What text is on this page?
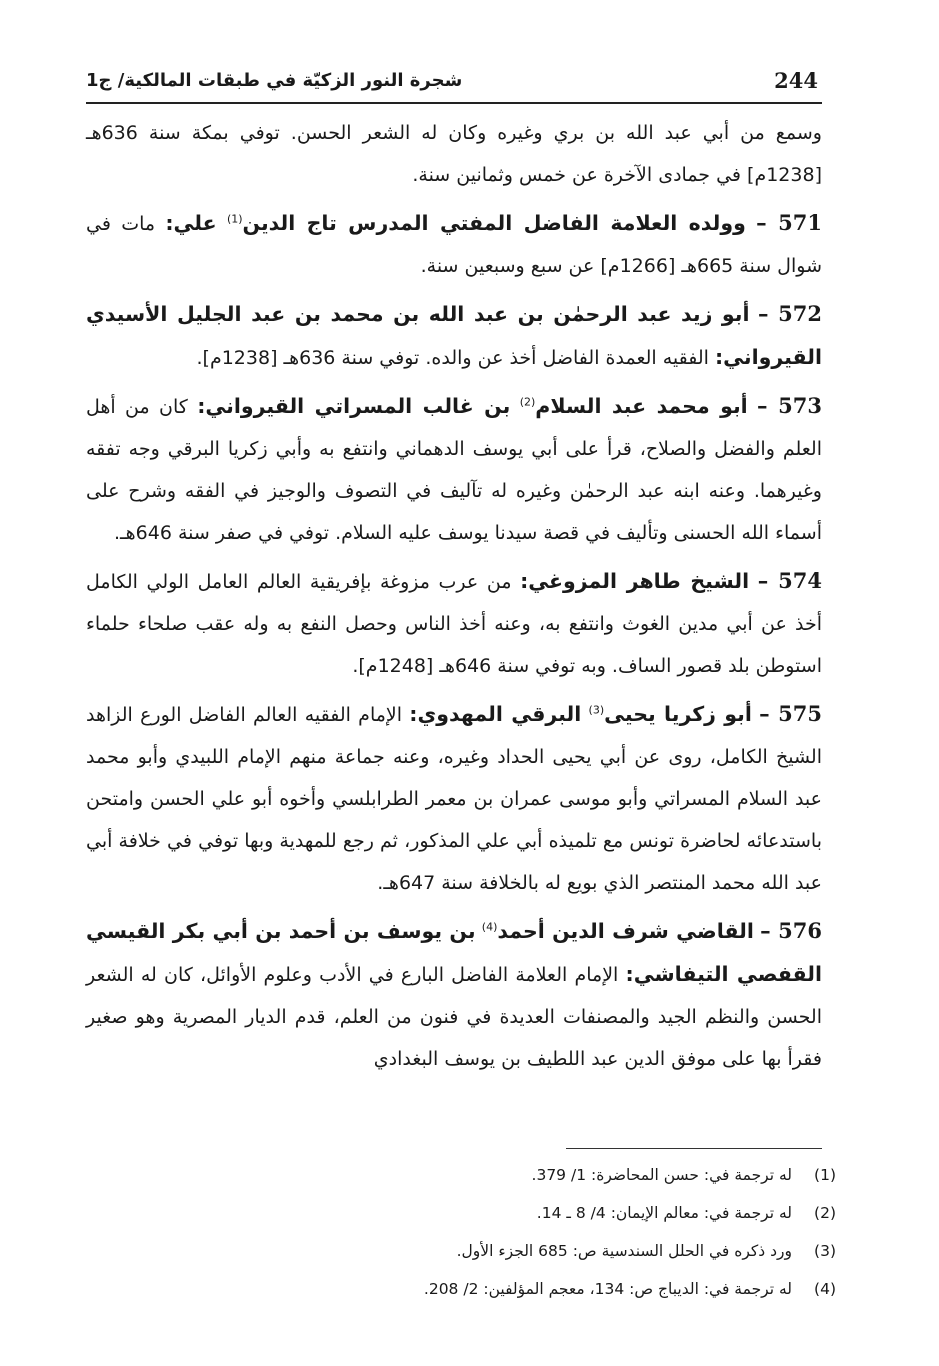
244
شجرة النور الزكيّة في طبقات المالكية/ ج1

وسمع من أبي عبد الله بن بري وغيره وكان له الشعر الحسن. توفي بمكة سنة 636هـ [1238م] في جمادى الآخرة عن خمس وثمانين سنة.

571 – وولده العلامة الفاضل المفتي المدرس تاج الدين$^{(1)}$ علي: مات في شوال سنة 665هـ [1266م] عن سبع وسبعين سنة.

572 – أبو زيد عبد الرحمٰن بن عبد الله بن محمد بن عبد الجليل الأسيدي القيرواني: الفقيه العمدة الفاضل أخذ عن والده. توفي سنة 636هـ [1238م].

573 – أبو محمد عبد السلام$^{(2)}$ بن غالب المسراتي القيرواني: كان من أهل العلم والفضل والصلاح، قرأ على أبي يوسف الدهماني وانتفع به وأبي زكريا البرقي وجه تفقه وغيرهما. وعنه ابنه عبد الرحمٰن وغيره له تآليف في التصوف والوجيز في الفقه وشرح على أسماء الله الحسنى وتأليف في قصة سيدنا يوسف عليه السلام. توفي في صفر سنة 646هـ.

574 – الشيخ طاهر المزوغي: من عرب مزوغة بإفريقية العالم العامل الولي الكامل أخذ عن أبي مدين الغوث وانتفع به، وعنه أخذ الناس وحصل النفع به وله عقب صلحاء حلماء استوطن بلد قصور الساف. وبه توفي سنة 646هـ [1248م].

575 – أبو زكريا يحيى$^{(3)}$ البرقي المهدوي: الإمام الفقيه العالم الفاضل الورع الزاهد الشيخ الكامل، روى عن أبي يحيى الحداد وغيره، وعنه جماعة منهم الإمام اللبيدي وأبو محمد عبد السلام المسراتي وأبو موسى عمران بن معمر الطرابلسي وأخوه أبو علي الحسن وامتحن باستدعائه لحاضرة تونس مع تلميذه أبي علي المذكور، ثم رجع للمهدية وبها توفي في خلافة أبي عبد الله محمد المنتصر الذي بويع له بالخلافة سنة 647هـ.

576 – القاضي شرف الدين أحمد$^{(4)}$ بن يوسف بن أحمد بن أبي بكر القيسي القفصي التيفاشي: الإمام العلامة الفاضل البارع في الأدب وعلوم الأوائل، كان له الشعر الحسن والنظم الجيد والمصنفات العديدة في فنون من العلم، قدم الديار المصرية وهو صغير فقرأ بها على موفق الدين عبد اللطيف بن يوسف البغدادي

(1)
له ترجمة في: حسن المحاضرة: 1/ 379.
(2)
له ترجمة في: معالم الإيمان: 4/ 8 ـ 14.
(3)
ورد ذكره في الحلل السندسية ص: 685 الجزء الأول.
(4)
له ترجمة في: الديباج ص: 134، معجم المؤلفين: 2/ 208.
